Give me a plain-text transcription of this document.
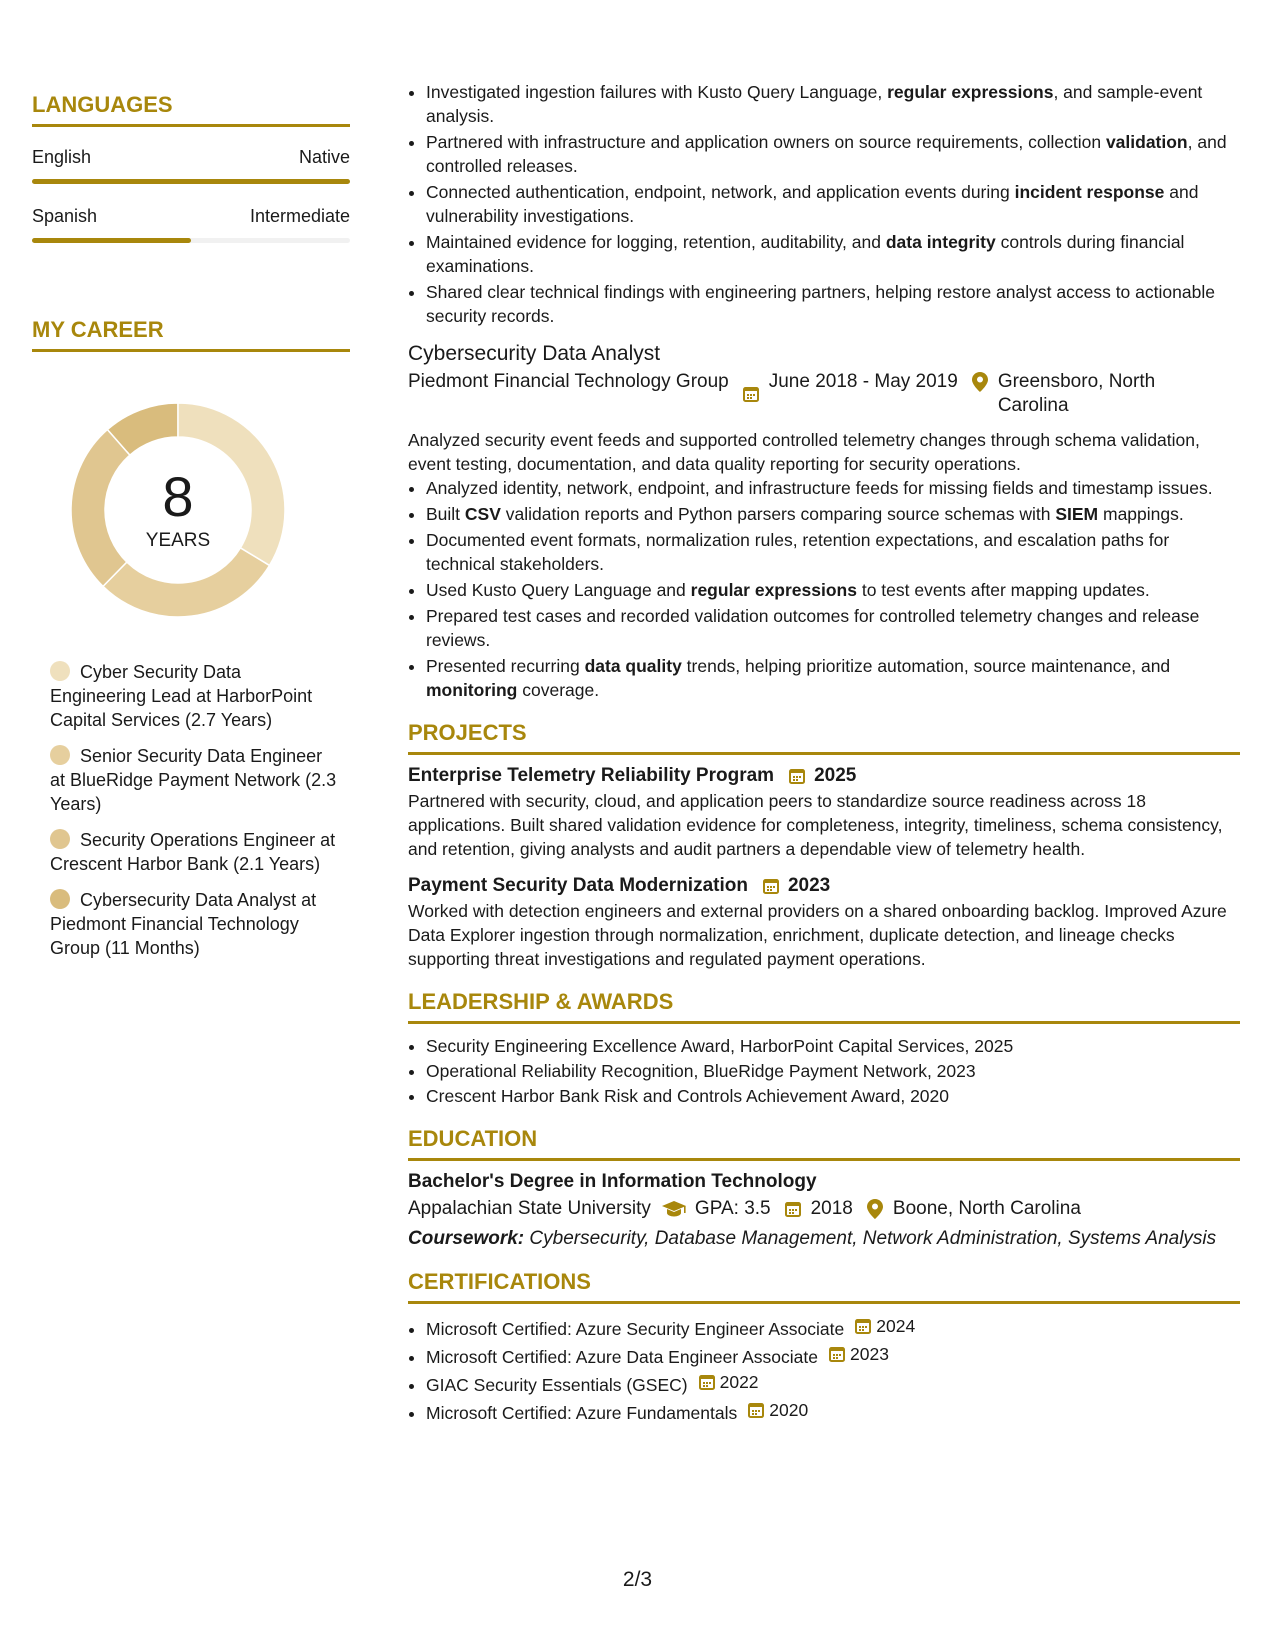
LANGUAGES
English	Native
Spanish	Intermediate
MY CAREER
8
YEARS
Cyber Security Data Engineering Lead at HarborPoint Capital Services (2.7 Years)
Senior Security Data Engineer at BlueRidge Payment Network (2.3 Years)
Security Operations Engineer at Crescent Harbor Bank (2.1 Years)
Cybersecurity Data Analyst at Piedmont Financial Technology Group (11 Months)
• Investigated ingestion failures with Kusto Query Language, regular expressions, and sample-event analysis.
• Partnered with infrastructure and application owners on source requirements, collection validation, and controlled releases.
• Connected authentication, endpoint, network, and application events during incident response and vulnerability investigations.
• Maintained evidence for logging, retention, auditability, and data integrity controls during financial examinations.
• Shared clear technical findings with engineering partners, helping restore analyst access to actionable security records.
Cybersecurity Data Analyst
Piedmont Financial Technology Group June 2018 - May 2019 Greensboro, North Carolina
Analyzed security event feeds and supported controlled telemetry changes through schema validation, event testing, documentation, and data quality reporting for security operations.
• Analyzed identity, network, endpoint, and infrastructure feeds for missing fields and timestamp issues.
• Built CSV validation reports and Python parsers comparing source schemas with SIEM mappings.
• Documented event formats, normalization rules, retention expectations, and escalation paths for technical stakeholders.
• Used Kusto Query Language and regular expressions to test events after mapping updates.
• Prepared test cases and recorded validation outcomes for controlled telemetry changes and release reviews.
• Presented recurring data quality trends, helping prioritize automation, source maintenance, and monitoring coverage.
PROJECTS
Enterprise Telemetry Reliability Program 2025
Partnered with security, cloud, and application peers to standardize source readiness across 18 applications. Built shared validation evidence for completeness, integrity, timeliness, schema consistency, and retention, giving analysts and audit partners a dependable view of telemetry health.
Payment Security Data Modernization 2023
Worked with detection engineers and external providers on a shared onboarding backlog. Improved Azure Data Explorer ingestion through normalization, enrichment, duplicate detection, and lineage checks supporting threat investigations and regulated payment operations.
LEADERSHIP & AWARDS
• Security Engineering Excellence Award, HarborPoint Capital Services, 2025
• Operational Reliability Recognition, BlueRidge Payment Network, 2023
• Crescent Harbor Bank Risk and Controls Achievement Award, 2020
EDUCATION
Bachelor's Degree in Information Technology
Appalachian State University GPA: 3.5 2018 Boone, North Carolina
Coursework: Cybersecurity, Database Management, Network Administration, Systems Analysis
CERTIFICATIONS
• Microsoft Certified: Azure Security Engineer Associate 2024
• Microsoft Certified: Azure Data Engineer Associate 2023
• GIAC Security Essentials (GSEC) 2022
• Microsoft Certified: Azure Fundamentals 2020
2/3
